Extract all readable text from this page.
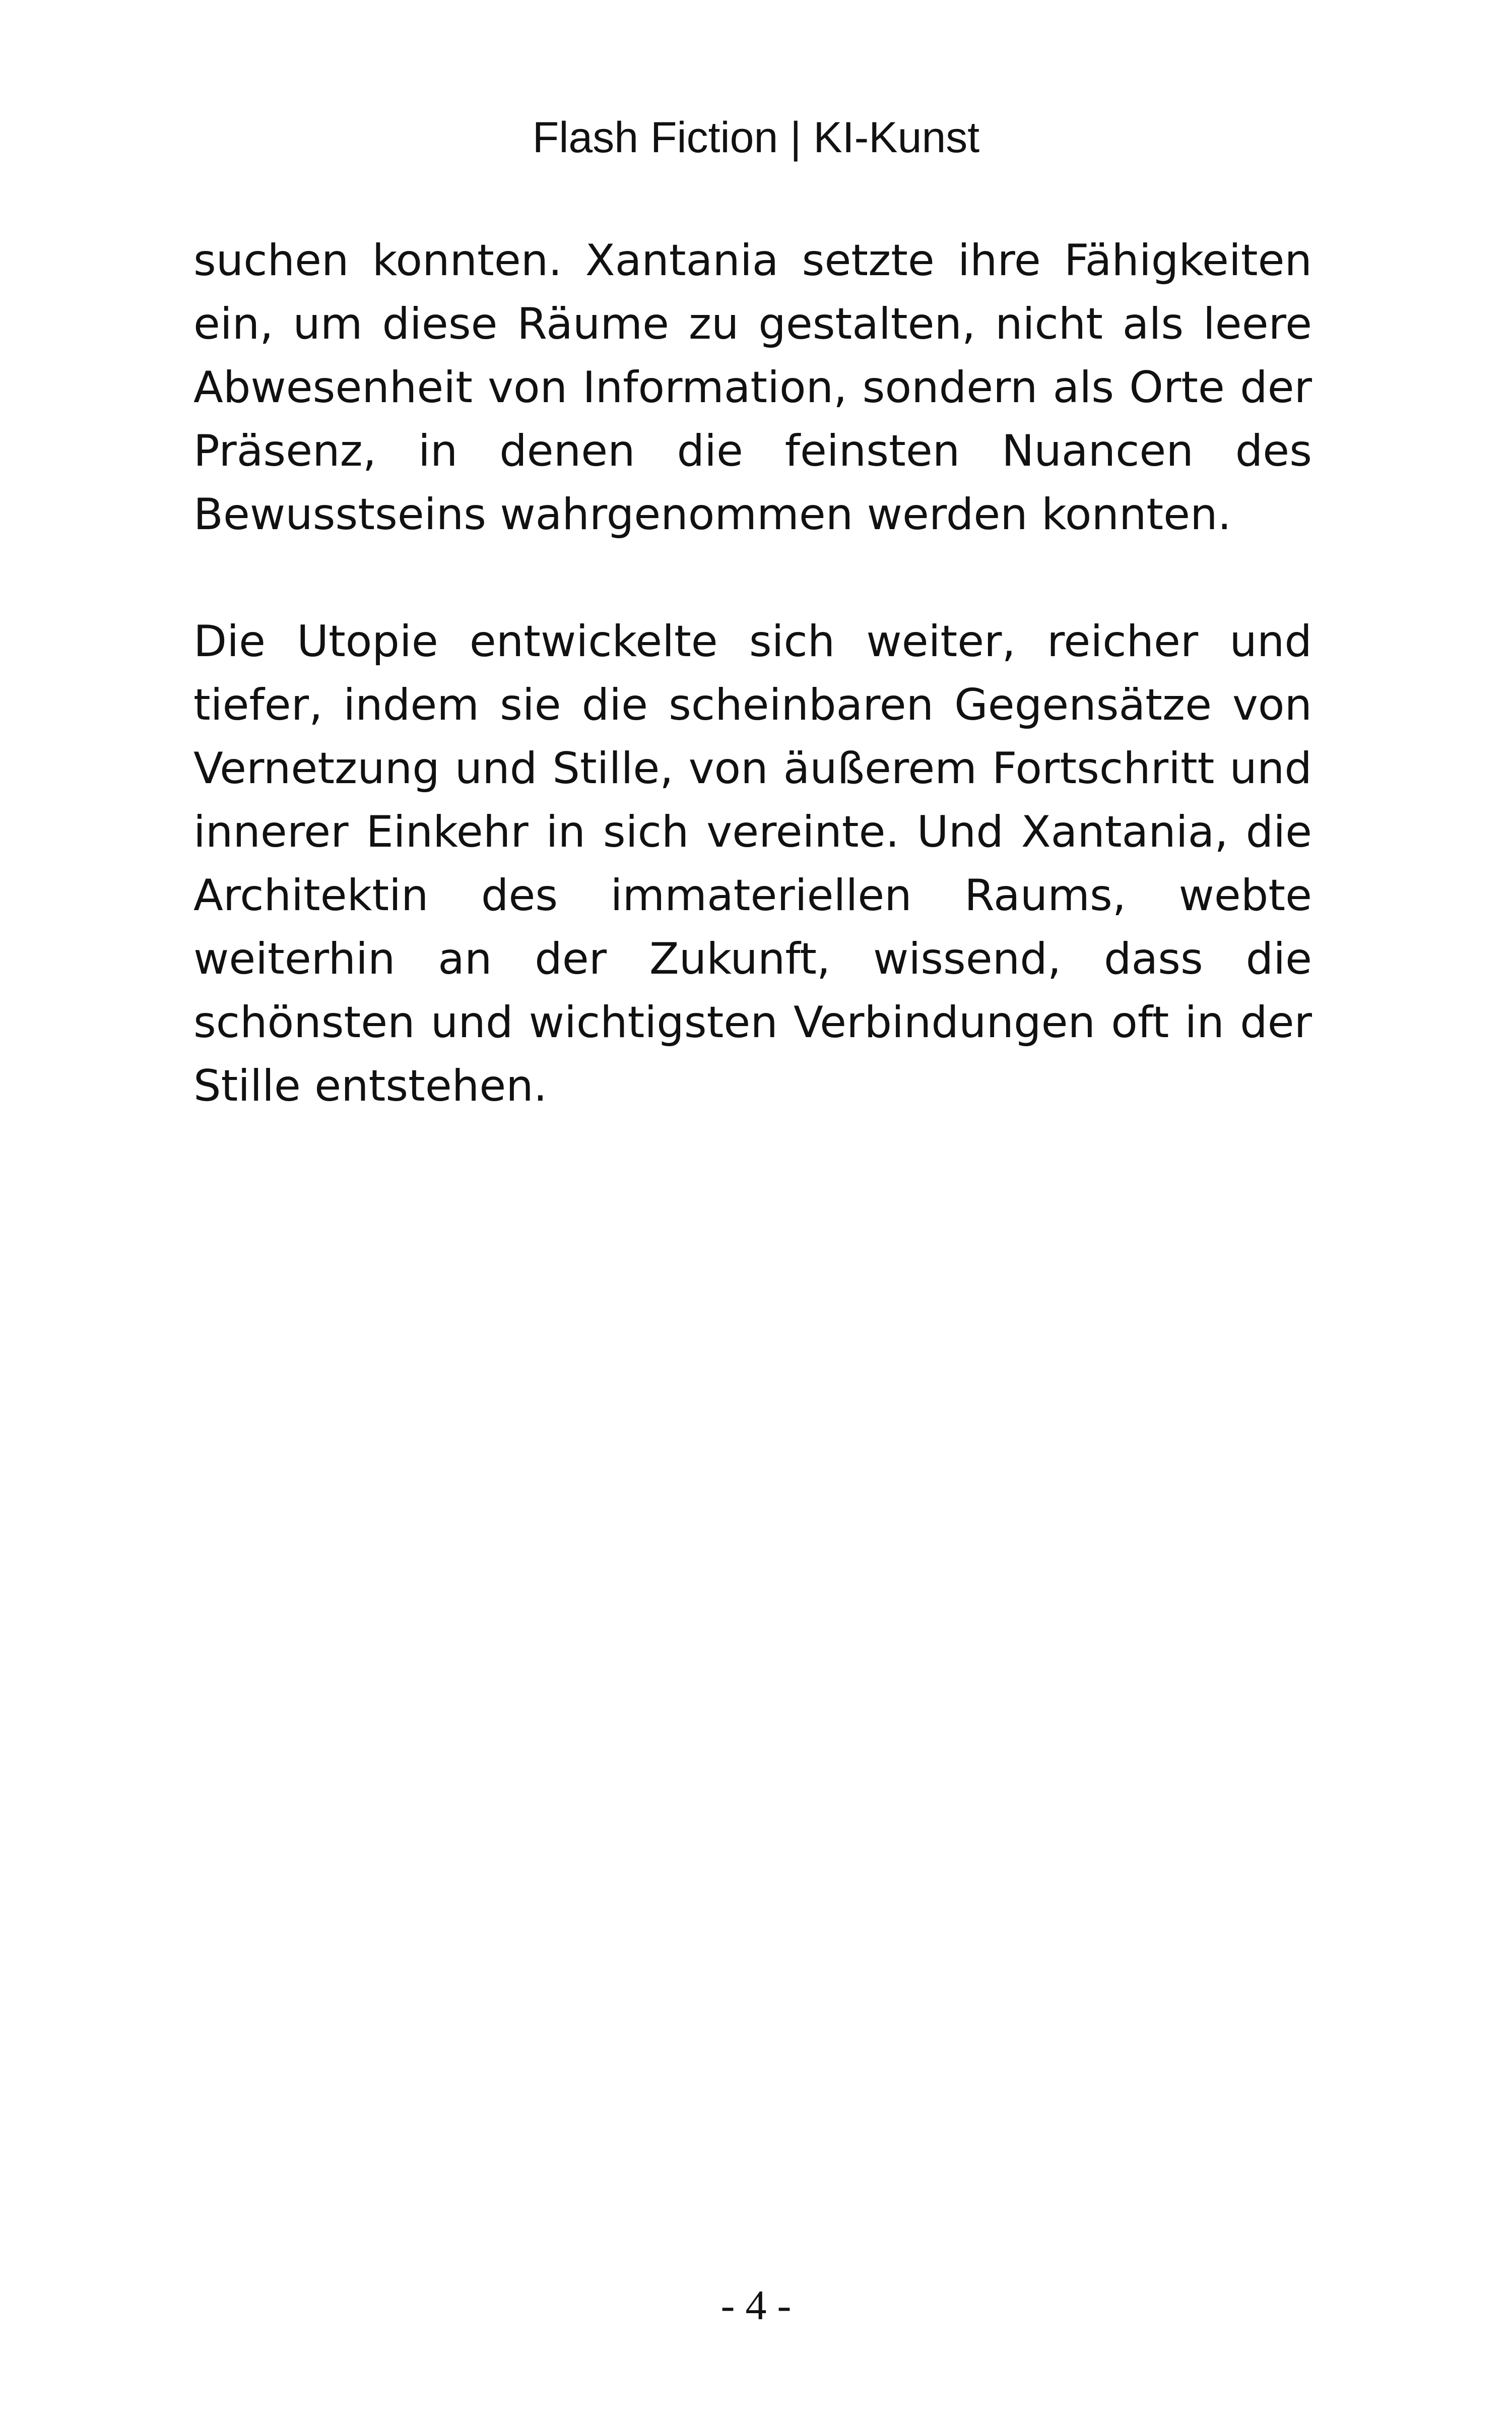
Flash Fiction | KI-Kunst

suchen konnten. Xantania setzte ihre Fähigkeiten ein, um diese Räume zu gestalten, nicht als leere Abwesenheit von Information, sondern als Orte der Präsenz, in denen die feinsten Nuancen des Bewusstseins wahrgenommen werden konnten.

Die Utopie entwickelte sich weiter, reicher und tiefer, indem sie die scheinbaren Gegensätze von Vernetzung und Stille, von äußerem Fortschritt und innerer Einkehr in sich vereinte. Und Xantania, die Architektin des immateriellen Raums, webte weiterhin an der Zukunft, wissend, dass die schönsten und wichtigsten Verbindungen oft in der Stille entstehen.

- 4 -
